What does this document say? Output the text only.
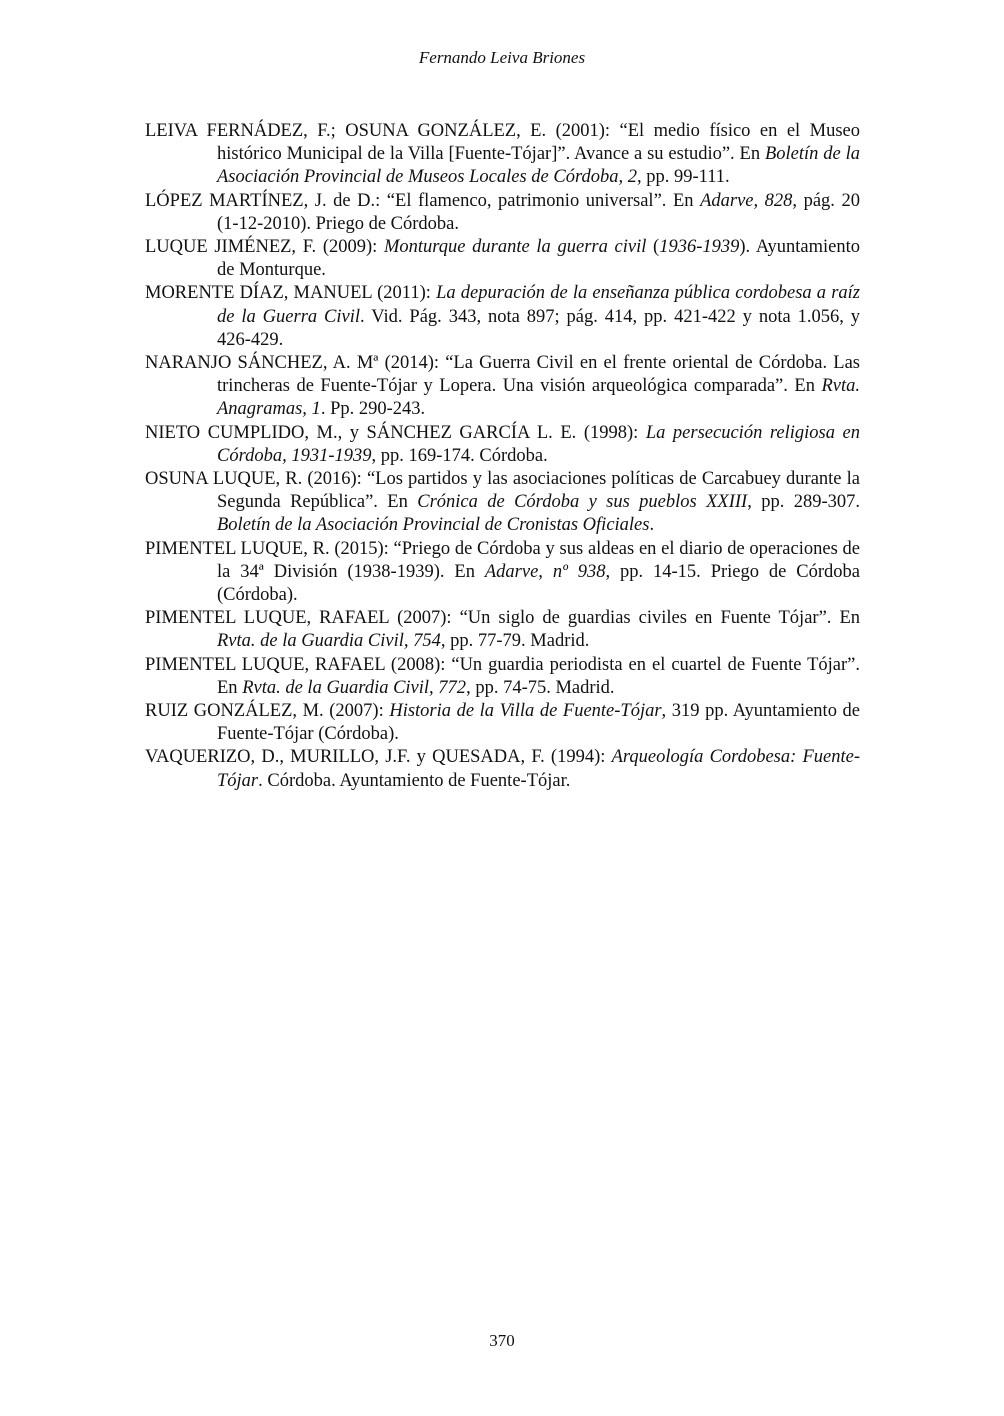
Fernando Leiva Briones
LEIVA FERNÁDEZ, F.; OSUNA GONZÁLEZ, E. (2001): “El medio físico en el Museo histórico Municipal de la Villa [Fuente-Tójar]”. Avance a su estudio”. En Boletín de la Asociación Provincial de Museos Locales de Córdoba, 2, pp. 99-111.
LÓPEZ MARTÍNEZ, J. de D.: “El flamenco, patrimonio universal”. En Adarve, 828, pág. 20 (1-12-2010). Priego de Córdoba.
LUQUE JIMÉNEZ, F. (2009): Monturque durante la guerra civil (1936-1939). Ayuntamiento de Monturque.
MORENTE DÍAZ, MANUEL (2011): La depuración de la enseñanza pública cordobesa a raíz de la Guerra Civil. Vid. Pág. 343, nota 897; pág. 414, pp. 421-422 y nota 1.056, y 426-429.
NARANJO SÁNCHEZ, A. Mª (2014): “La Guerra Civil en el frente oriental de Córdoba. Las trincheras de Fuente-Tójar y Lopera. Una visión arqueológica comparada”. En Rvta. Anagramas, 1. Pp. 290-243.
NIETO CUMPLIDO, M., y SÁNCHEZ GARCÍA L. E. (1998): La persecución religiosa en Córdoba, 1931-1939, pp. 169-174. Córdoba.
OSUNA LUQUE, R. (2016): “Los partidos y las asociaciones políticas de Carcabuey durante la Segunda República”. En Crónica de Córdoba y sus pueblos XXIII, pp. 289-307. Boletín de la Asociación Provincial de Cronistas Oficiales.
PIMENTEL LUQUE, R. (2015): “Priego de Córdoba y sus aldeas en el diario de operaciones de la 34ª División (1938-1939). En Adarve, nº 938, pp. 14-15. Priego de Córdoba (Córdoba).
PIMENTEL LUQUE, RAFAEL (2007): “Un siglo de guardias civiles en Fuente Tójar”. En Rvta. de la Guardia Civil, 754, pp. 77-79. Madrid.
PIMENTEL LUQUE, RAFAEL (2008): “Un guardia periodista en el cuartel de Fuente Tójar”. En Rvta. de la Guardia Civil, 772, pp. 74-75. Madrid.
RUIZ GONZÁLEZ, M. (2007): Historia de la Villa de Fuente-Tójar, 319 pp. Ayuntamiento de Fuente-Tójar (Córdoba).
VAQUERIZO, D., MURILLO, J.F. y QUESADA, F. (1994): Arqueología Cordobesa: Fuente-Tójar. Córdoba. Ayuntamiento de Fuente-Tójar.
370
